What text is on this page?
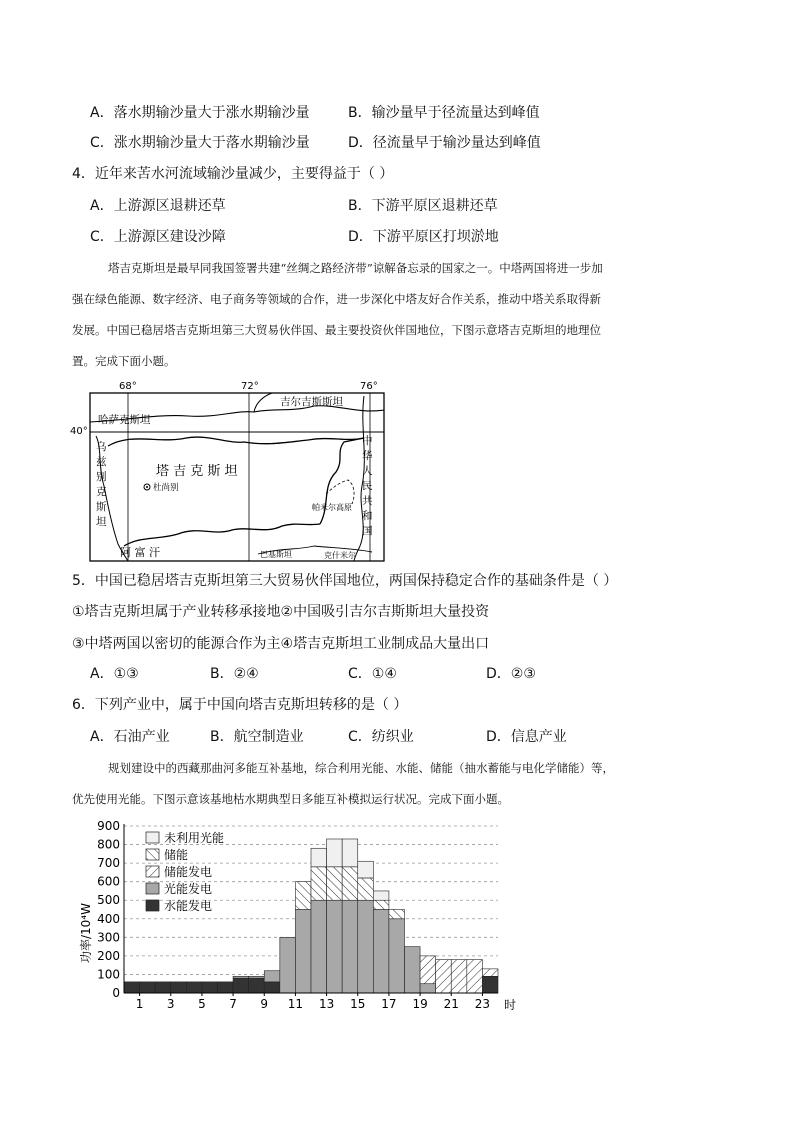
A．落水期输沙量大于涨水期输沙量	B．输沙量早于径流量达到峰值
C．涨水期输沙量大于落水期输沙量	D．径流量早于输沙量达到峰值
4．近年来苦水河流域输沙量减少，主要得益于（ ）
A．上游源区退耕还草	B．下游平原区退耕还草
C．上游源区建设沙障	D．下游平原区打坝淤地
塔吉克斯坦是最早同我国签署共建“丝绸之路经济带”谅解备忘录的国家之一。中塔两国将进一步加
强在绿色能源、数字经济、电子商务等领域的合作，进一步深化中塔友好合作关系，推动中塔关系取得新
发展。中国已稳居塔吉克斯坦第三大贸易伙伴国、最主要投资伙伴国地位，下图示意塔吉克斯坦的地理位
置。完成下面小题。
68°	72°	76°
40°
哈萨克斯坦
吉尔吉斯斯坦
乌
兹
别
克
斯
坦
塔 吉 克 斯 坦
杜尚别
中
华
人
民
共
和
国
帕米尔高原
阿 富 汗	巴基斯坦	克什米尔
5．中国已稳居塔吉克斯坦第三大贸易伙伴国地位，两国保持稳定合作的基础条件是（ ）
①塔吉克斯坦属于产业转移承接地②中国吸引吉尔吉斯斯坦大量投资
③中塔两国以密切的能源合作为主④塔吉克斯坦工业制成品大量出口
A．①③	B．②④	C．①④	D．②③
6．下列产业中，属于中国向塔吉克斯坦转移的是（ ）
A．石油产业	B．航空制造业	C．纺织业	D．信息产业
规划建设中的西藏那曲河多能互补基地，综合利用光能、水能、储能（抽水蓄能与电化学储能）等，
优先使用光能。下图示意该基地枯水期典型日多能互补模拟运行状况。完成下面小题。
0
100
200
300
400
500
600
700
800
900
1 3 5 7 9 11 13 15 17 19 21 23
未利用光能
储能
储能发电
光能发电
水能发电
功率/10⁴W
时
